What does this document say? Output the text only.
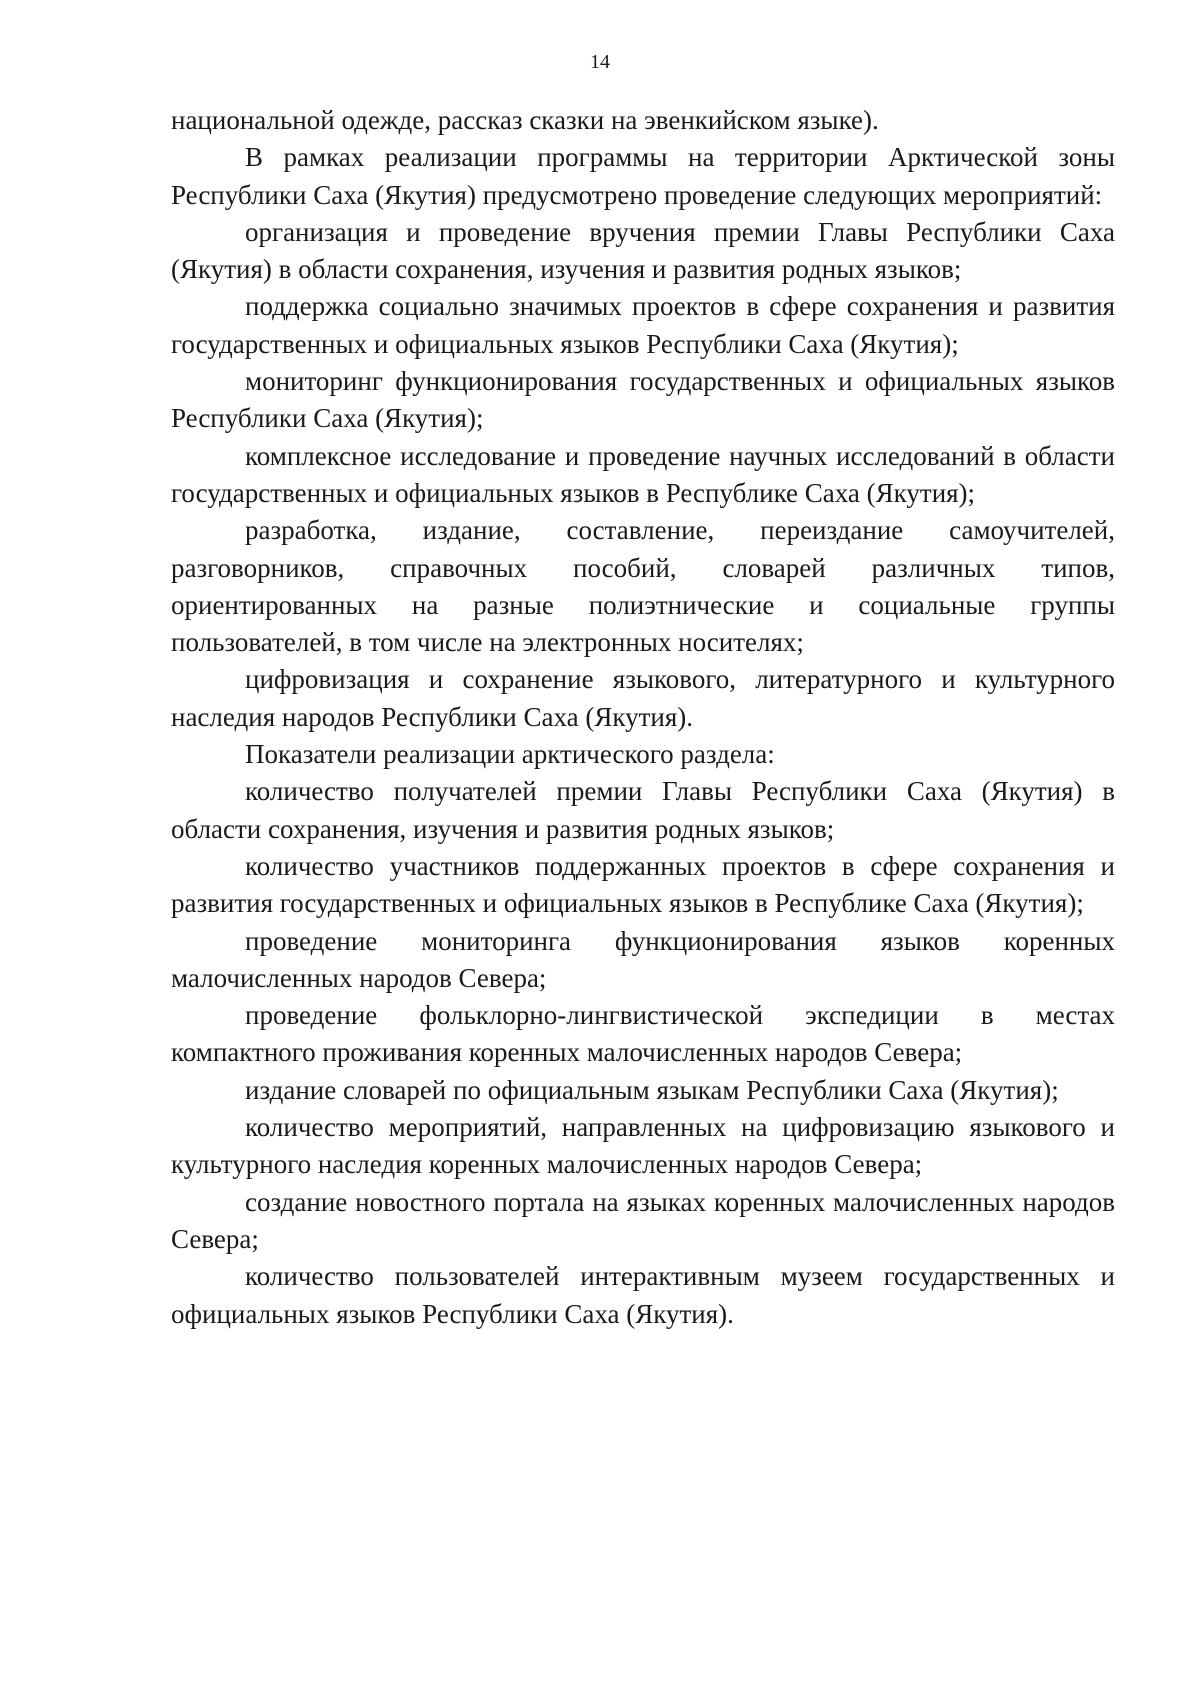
14

национальной одежде, рассказ сказки на эвенкийском языке).

В рамках реализации программы на территории Арктической зоны Республики Саха (Якутия) предусмотрено проведение следующих мероприятий:

организация и проведение вручения премии Главы Республики Саха (Якутия) в области сохранения, изучения и развития родных языков;

поддержка социально значимых проектов в сфере сохранения и развития государственных и официальных языков Республики Саха (Якутия);

мониторинг функционирования государственных и официальных языков Республики Саха (Якутия);

комплексное исследование и проведение научных исследований в области государственных и официальных языков в Республике Саха (Якутия);

разработка, издание, составление, переиздание самоучителей, разговорников, справочных пособий, словарей различных типов, ориентированных на разные полиэтнические и социальные группы пользователей, в том числе на электронных носителях;

цифровизация и сохранение языкового, литературного и культурного наследия народов Республики Саха (Якутия).

Показатели реализации арктического раздела:

количество получателей премии Главы Республики Саха (Якутия) в области сохранения, изучения и развития родных языков;

количество участников поддержанных проектов в сфере сохранения и развития государственных и официальных языков в Республике Саха (Якутия);

проведение мониторинга функционирования языков коренных малочисленных народов Севера;

проведение фольклорно-лингвистической экспедиции в местах компактного проживания коренных малочисленных народов Севера;

издание словарей по официальным языкам Республики Саха (Якутия);

количество мероприятий, направленных на цифровизацию языкового и культурного наследия коренных малочисленных народов Севера;

создание новостного портала на языках коренных малочисленных народов Севера;

количество пользователей интерактивным музеем государственных и официальных языков Республики Саха (Якутия).
